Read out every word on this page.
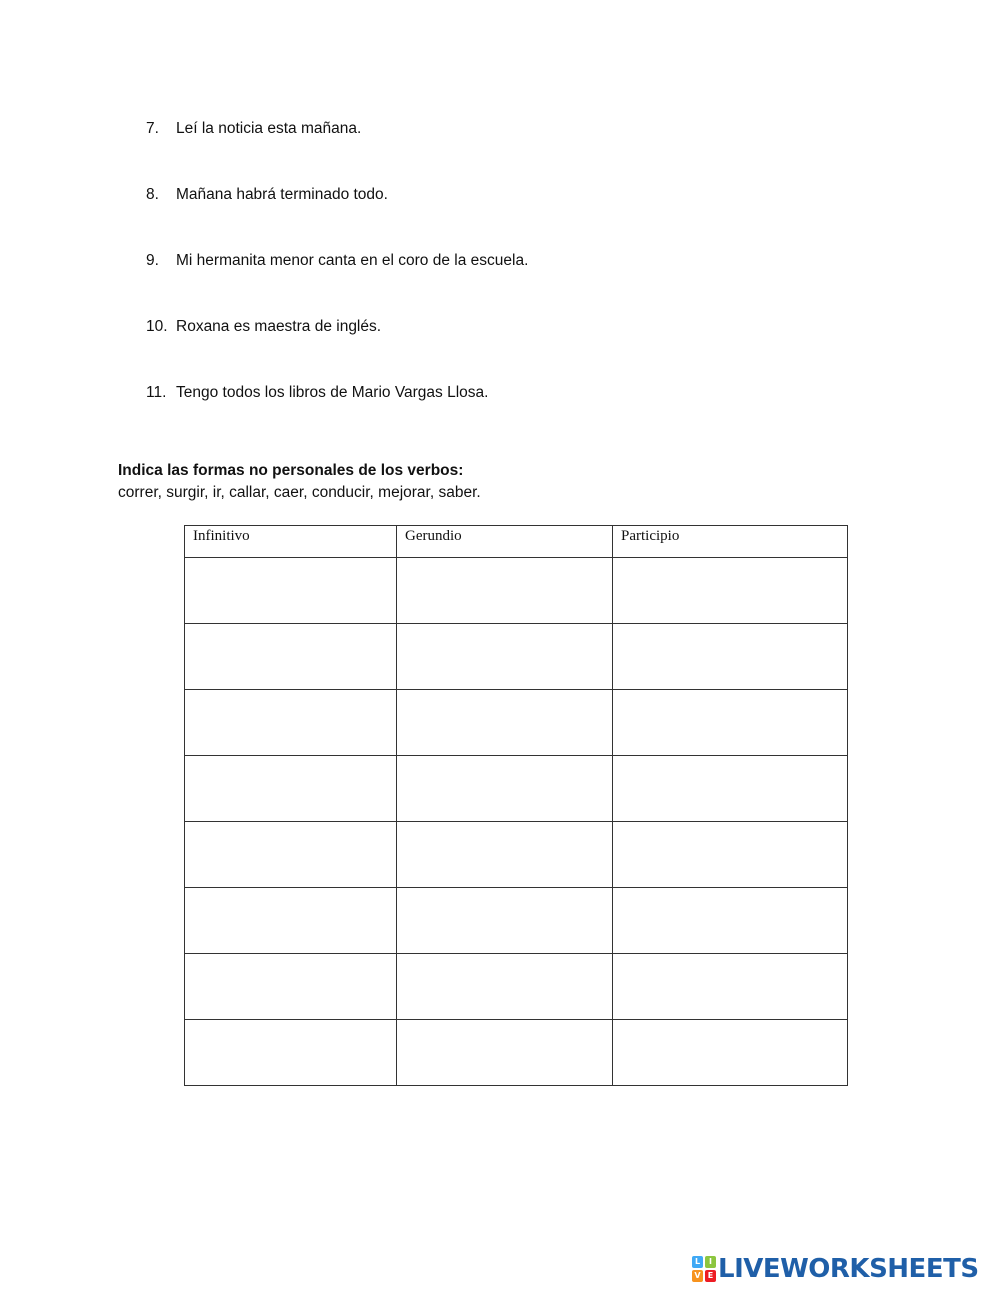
7. Leí la noticia esta mañana.
8. Mañana habrá terminado todo.
9. Mi hermanita menor canta en el coro de la escuela.
10. Roxana es maestra de inglés.
11. Tengo todos los libros de Mario Vargas Llosa.
Indica las formas no personales de los verbos:
correr, surgir, ir, callar, caer, conducir, mejorar, saber.
Infinitivo	Gerundio	Participio

L	I
V E LIVEWORKSHEETS
